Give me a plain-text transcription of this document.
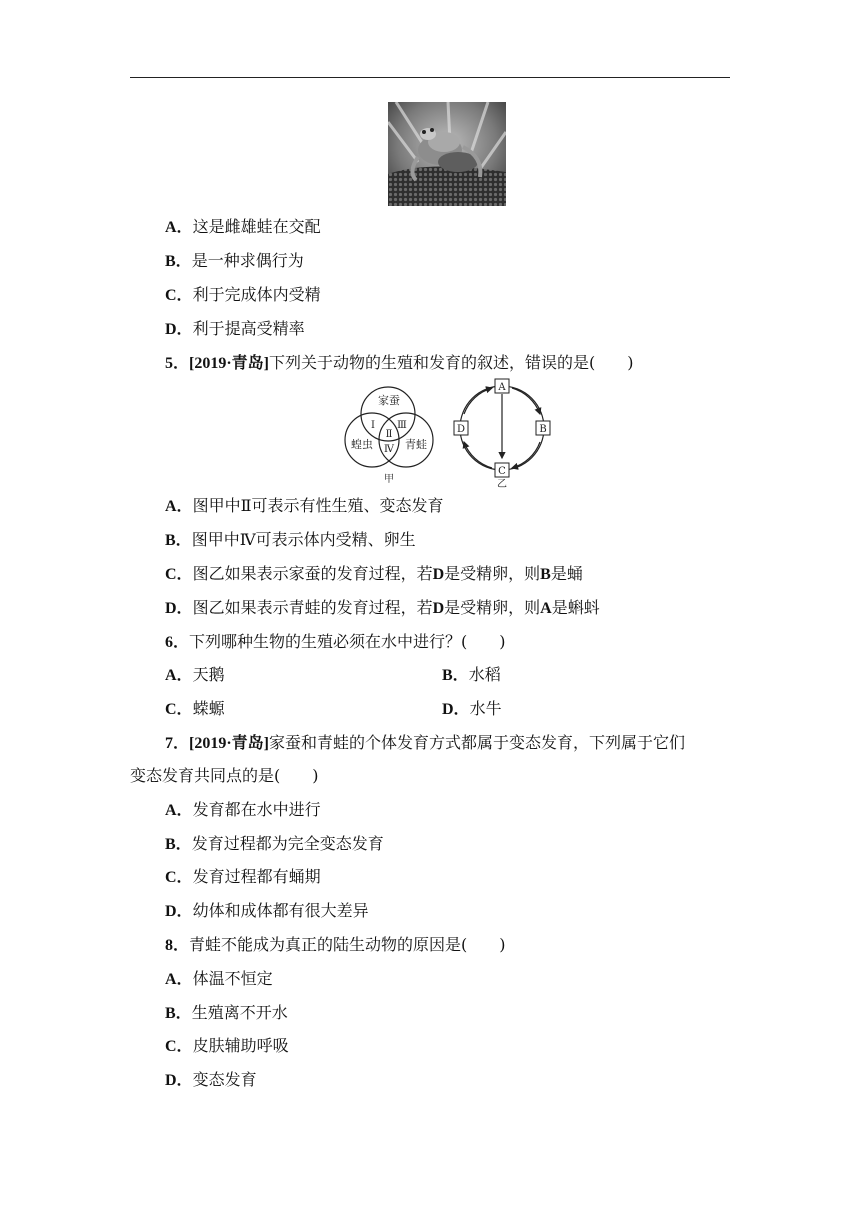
A．这是雌雄蛙在交配
B．是一种求偶行为
C．利于完成体内受精
D．利于提高受精率
5．[2019·青岛]下列关于动物的生殖和发育的叙述，错误的是(　　)
家蚕
蝗虫	青蛙
Ⅰ
Ⅱ
Ⅲ
Ⅳ
甲
A
B
C
D
乙
A．图甲中Ⅱ可表示有性生殖、变态发育
B．图甲中Ⅳ可表示体内受精、卵生
C．图乙如果表示家蚕的发育过程，若D是受精卵，则B是蛹
D．图乙如果表示青蛙的发育过程，若D是受精卵，则A是蝌蚪
6．下列哪种生物的生殖必须在水中进行？(　　)
A．天鹅	B．水稻
C．蝾螈	D．水牛
7．[2019·青岛]家蚕和青蛙的个体发育方式都属于变态发育，下列属于它们
变态发育共同点的是(　　)
A．发育都在水中进行
B．发育过程都为完全变态发育
C．发育过程都有蛹期
D．幼体和成体都有很大差异
8．青蛙不能成为真正的陆生动物的原因是(　　)
A．体温不恒定
B．生殖离不开水
C．皮肤辅助呼吸
D．变态发育
